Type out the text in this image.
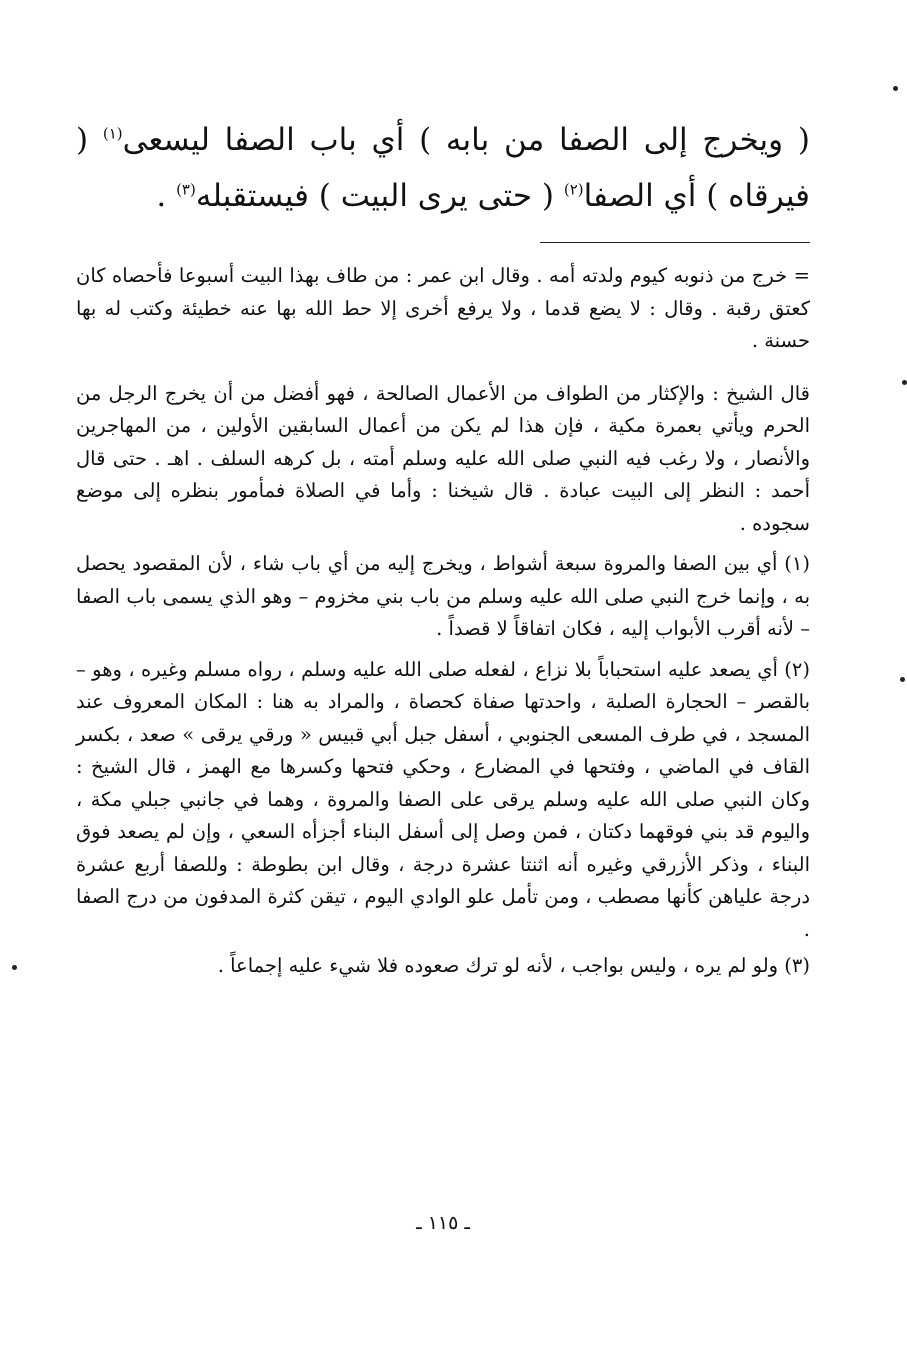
( ويخرج إلى الصفا من بابه ) أي باب الصفا ليسعى$^{(١)}$ ( فيرقاه ) أي الصفا$^{(٢)}$ ( حتى يرى البيت ) فيستقبله$^{(٣)}$ .

= خرج من ذنوبه كيوم ولدته أمه . وقال ابن عمر : من طاف بهذا البيت أسبوعا فأحصاه كان كعتق رقبة . وقال : لا يضع قدما ، ولا يرفع أخرى إلا حط الله بها عنه خطيئة وكتب له بها حسنة .

قال الشيخ : والإكثار من الطواف من الأعمال الصالحة ، فهو أفضل من أن يخرج الرجل من الحرم ويأتي بعمرة مكية ، فإن هذا لم يكن من أعمال السابقين الأولين ، من المهاجرين والأنصار ، ولا رغب فيه النبي صلى الله عليه وسلم أمته ، بل كرهه السلف . اهـ . حتى قال أحمد : النظر إلى البيت عبادة . قال شيخنا : وأما في الصلاة فمأمور بنظره إلى موضع سجوده .

(١) أي بين الصفا والمروة سبعة أشواط ، ويخرج إليه من أي باب شاء ، لأن المقصود يحصل به ، وإنما خرج النبي صلى الله عليه وسلم من باب بني مخزوم – وهو الذي يسمى باب الصفا – لأنه أقرب الأبواب إليه ، فكان اتفاقاً لا قصداً .

(٢) أي يصعد عليه استحباباً بلا نزاع ، لفعله صلى الله عليه وسلم ، رواه مسلم وغيره ، وهو – بالقصر – الحجارة الصلبة ، واحدتها صفاة كحصاة ، والمراد به هنا : المكان المعروف عند المسجد ، في طرف المسعى الجنوبي ، أسفل جبل أبي قبيس « ورقي يرقى » صعد ، بكسر القاف في الماضي ، وفتحها في المضارع ، وحكي فتحها وكسرها مع الهمز ، قال الشيخ : وكان النبي صلى الله عليه وسلم يرقى على الصفا والمروة ، وهما في جانبي جبلي مكة ، واليوم قد بني فوقهما دكتان ، فمن وصل إلى أسفل البناء أجزأه السعي ، وإن لم يصعد فوق البناء ، وذكر الأزرقي وغيره أنه اثنتا عشرة درجة ، وقال ابن بطوطة : وللصفا أربع عشرة درجة علياهن كأنها مصطب ، ومن تأمل علو الوادي اليوم ، تيقن كثرة المدفون من درج الصفا .

(٣) ولو لم يره ، وليس بواجب ، لأنه لو ترك صعوده فلا شيء عليه إجماعاً .

ـ ١١٥ ـ
